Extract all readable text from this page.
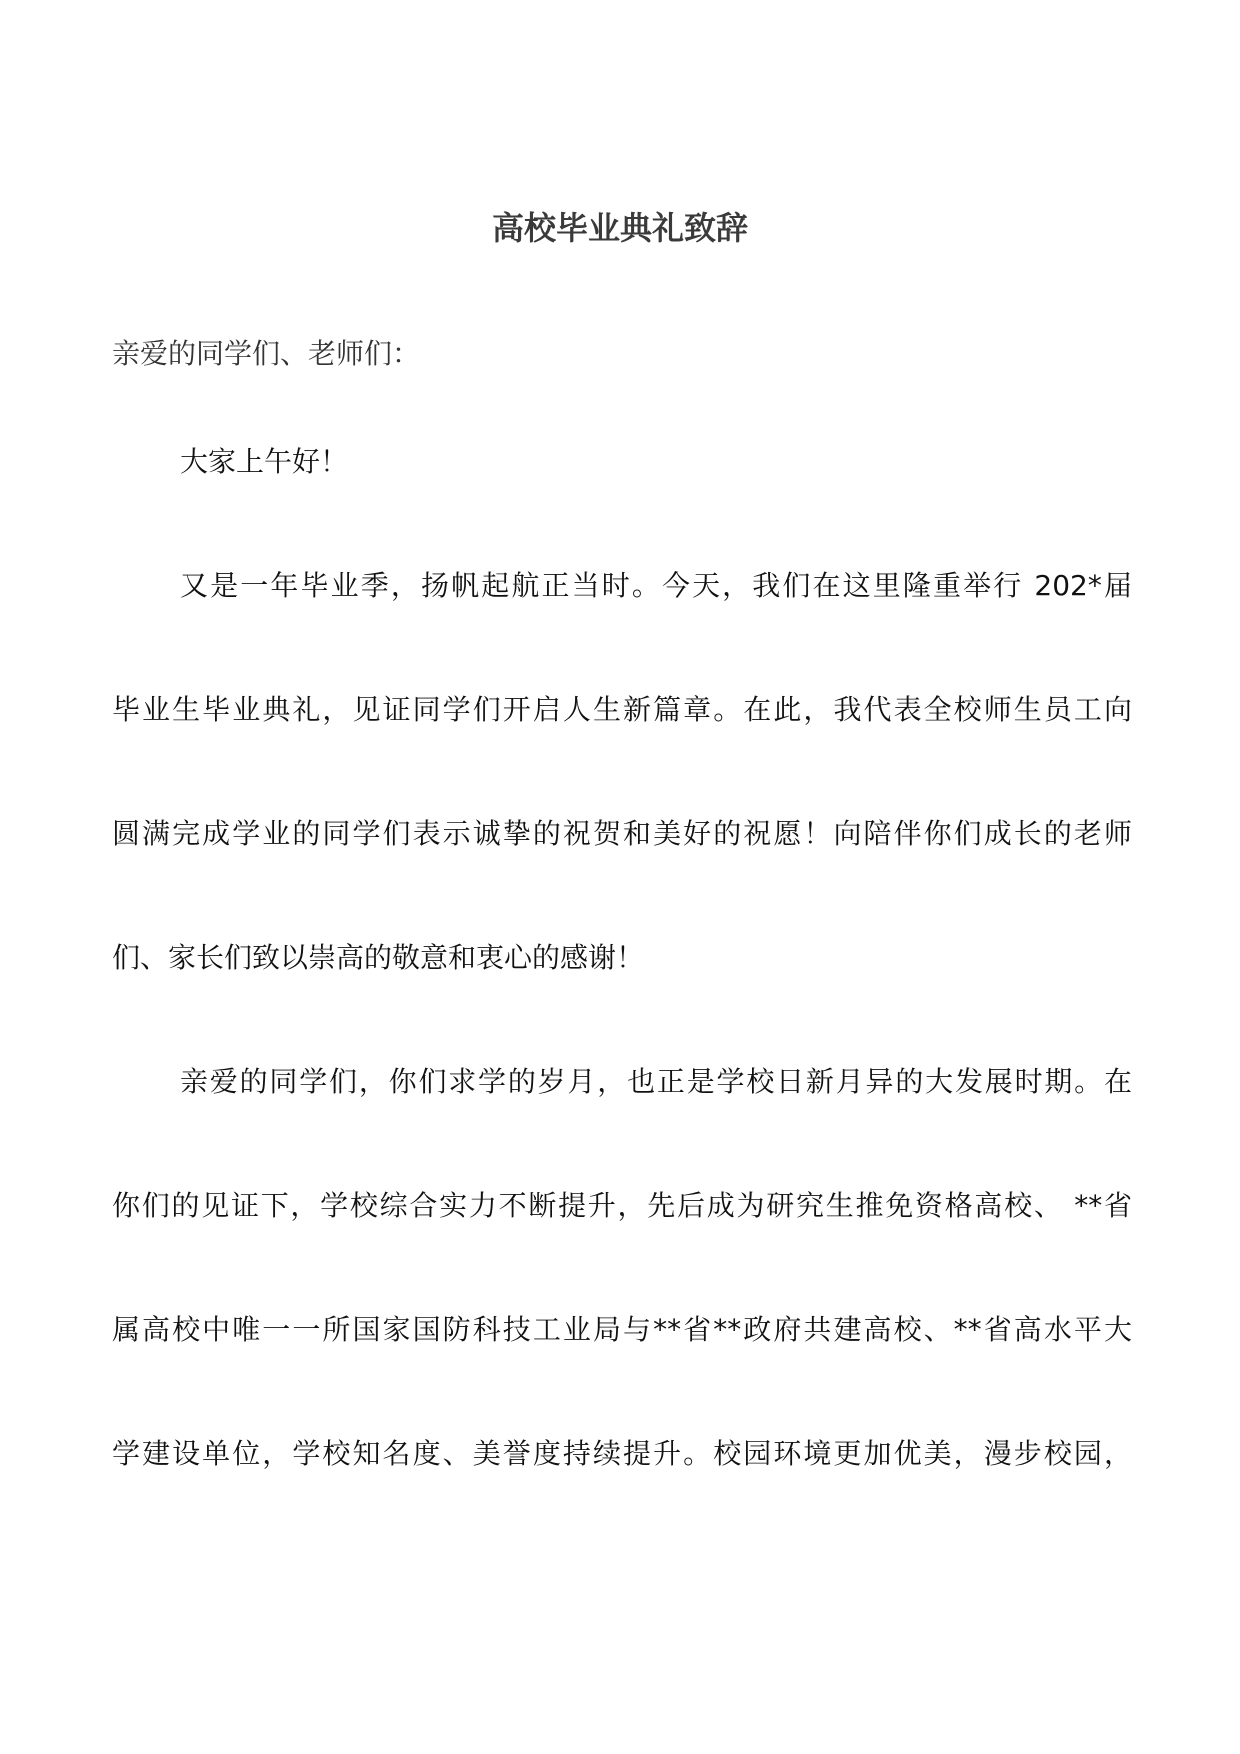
高校毕业典礼致辞

亲爱的同学们、老师们：

大家上午好！

又是一年毕业季，扬帆起航正当时。今天，我们在这里隆重举行 202*届

毕业生毕业典礼，见证同学们开启人生新篇章。在此，我代表全校师生员工向

圆满完成学业的同学们表示诚挚的祝贺和美好的祝愿！向陪伴你们成长的老师

们、家长们致以崇高的敬意和衷心的感谢！

亲爱的同学们，你们求学的岁月，也正是学校日新月异的大发展时期。在

你们的见证下，学校综合实力不断提升，先后成为研究生推免资格高校、 **省

属高校中唯一一所国家国防科技工业局与**省**政府共建高校、**省高水平大

学建设单位，学校知名度、美誉度持续提升。校园环境更加优美，漫步校园，
